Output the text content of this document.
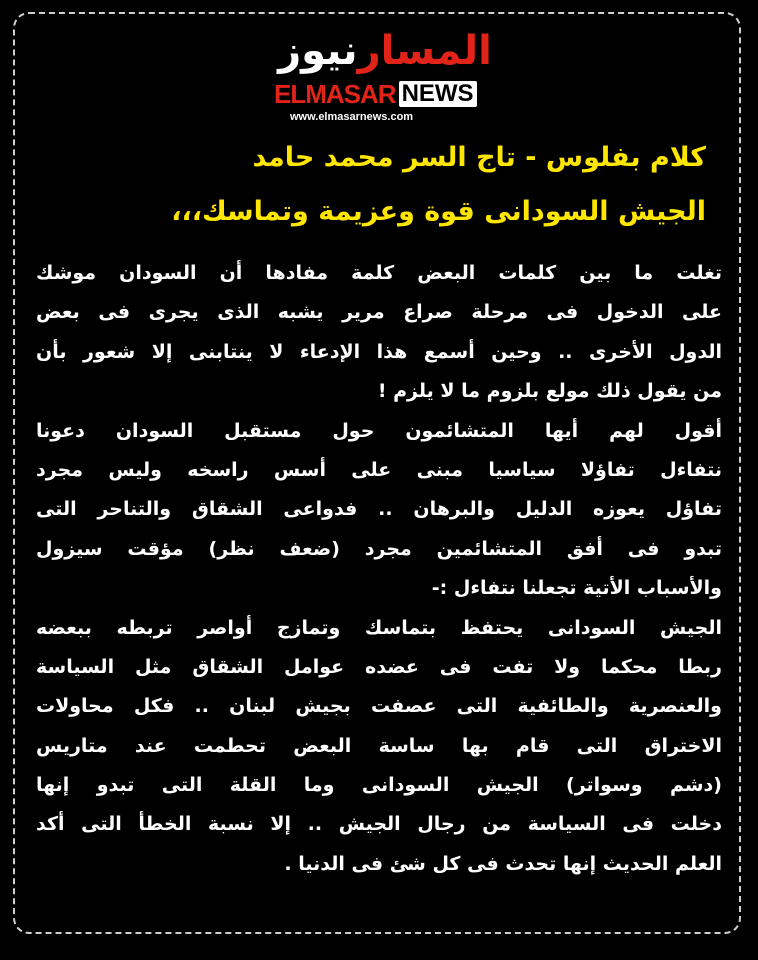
المسارنيوز
ELMASAR NEWS
www.elmasarnews.com
كلام بفلوس - تاج السر محمد حامد
الجيش السودانى قوة وعزيمة وتماسك،،،
تغلت ما بين كلمات البعض كلمة مفادها أن السودان موشك
على الدخول فى مرحلة صراع مرير يشبه الذى يجرى فى بعض
الدول الأخرى .. وحين أسمع هذا الإدعاء لا ينتابنى إلا شعور بأن
من يقول ذلك مولع بلزوم ما لا يلزم !
أقول لهم أيها المتشائمون حول مستقبل السودان دعونا
نتفاءل تفاؤلا سياسيا مبنى على أسس راسخه وليس مجرد
تفاؤل يعوزه الدليل والبرهان .. فدواعى الشقاق والتناحر التى
تبدو فى أفق المتشائمين مجرد (ضعف نظر) مؤقت سيزول
والأسباب الأتية تجعلنا نتفاءل :-
الجيش السودانى يحتفظ بتماسك وتمازج أواصر تربطه ببعضه
ربطا محكما ولا تفت فى عضده عوامل الشقاق مثل السياسة
والعنصرية والطائفية التى عصفت بجيش لبنان .. فكل محاولات
الاختراق التى قام بها ساسة البعض تحطمت عند متاريس
(دشم وسواتر) الجيش السودانى وما القلة التى تبدو إنها
دخلت فى السياسة من رجال الجيش .. إلا نسبة الخطأ التى أكد
العلم الحديث إنها تحدث فى كل شئ فى الدنيا .
